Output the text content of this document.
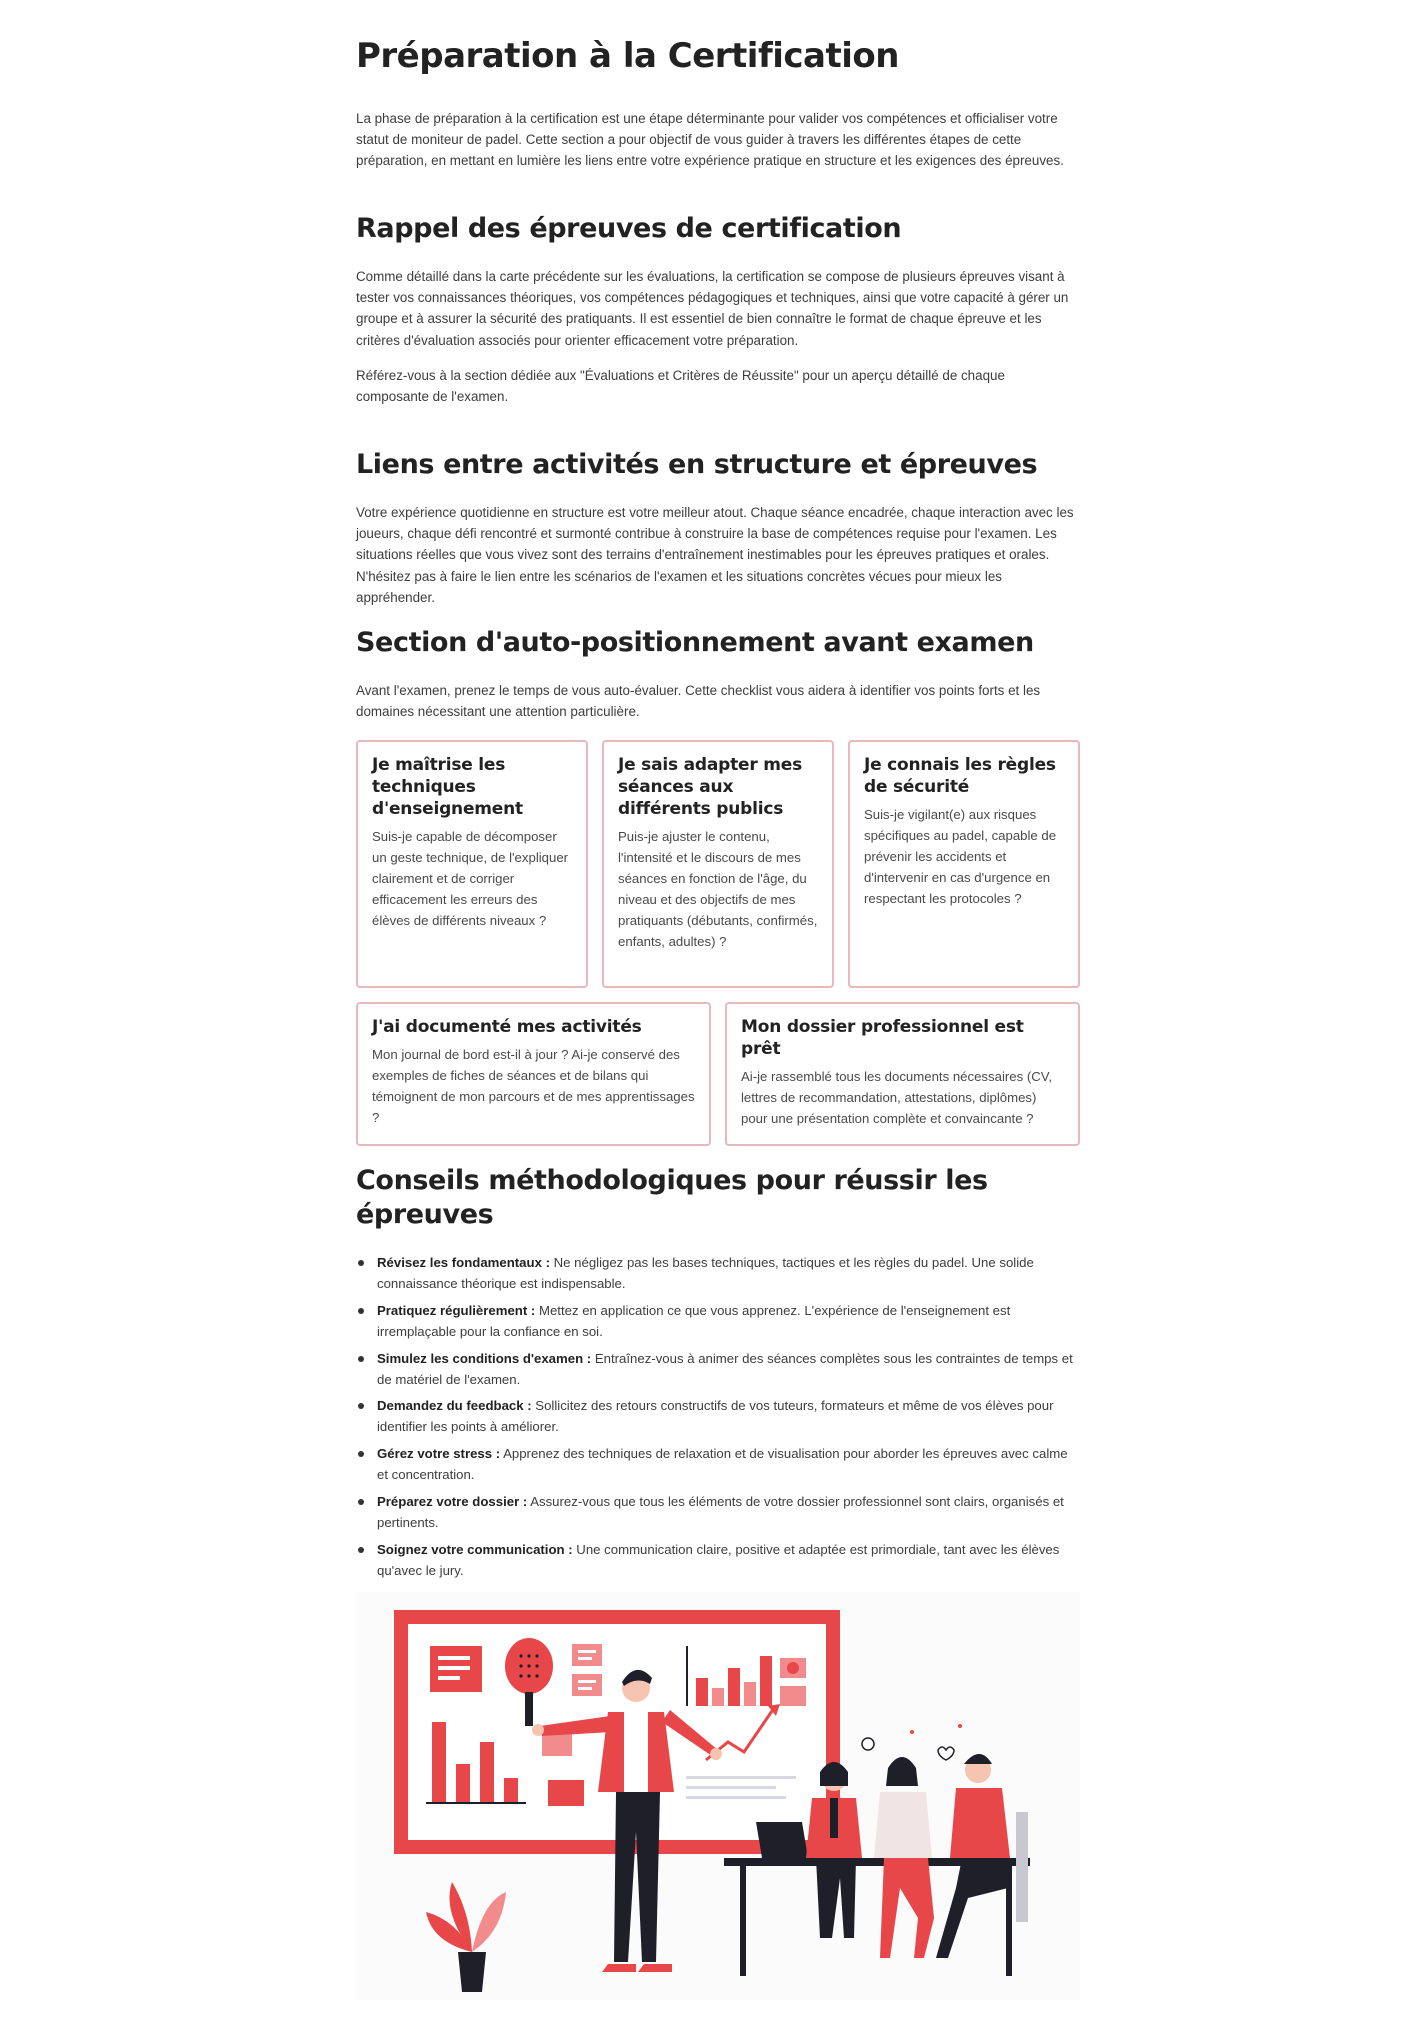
Préparation à la Certification

La phase de préparation à la certification est une étape déterminante pour valider vos compétences et officialiser votre statut de moniteur de padel. Cette section a pour objectif de vous guider à travers les différentes étapes de cette préparation, en mettant en lumière les liens entre votre expérience pratique en structure et les exigences des épreuves.

Rappel des épreuves de certification

Comme détaillé dans la carte précédente sur les évaluations, la certification se compose de plusieurs épreuves visant à tester vos connaissances théoriques, vos compétences pédagogiques et techniques, ainsi que votre capacité à gérer un groupe et à assurer la sécurité des pratiquants. Il est essentiel de bien connaître le format de chaque épreuve et les critères d'évaluation associés pour orienter efficacement votre préparation.

Référez-vous à la section dédiée aux "Évaluations et Critères de Réussite" pour un aperçu détaillé de chaque composante de l'examen.

Liens entre activités en structure et épreuves

Votre expérience quotidienne en structure est votre meilleur atout. Chaque séance encadrée, chaque interaction avec les joueurs, chaque défi rencontré et surmonté contribue à construire la base de compétences requise pour l'examen. Les situations réelles que vous vivez sont des terrains d'entraînement inestimables pour les épreuves pratiques et orales. N'hésitez pas à faire le lien entre les scénarios de l'examen et les situations concrètes vécues pour mieux les appréhender.

Section d'auto-positionnement avant examen

Avant l'examen, prenez le temps de vous auto-évaluer. Cette checklist vous aidera à identifier vos points forts et les domaines nécessitant une attention particulière.

Je maîtrise les techniques d'enseignement

Suis-je capable de décomposer un geste technique, de l'expliquer clairement et de corriger efficacement les erreurs des élèves de différents niveaux ?

Je sais adapter mes séances aux différents publics

Puis-je ajuster le contenu, l'intensité et le discours de mes séances en fonction de l'âge, du niveau et des objectifs de mes pratiquants (débutants, confirmés, enfants, adultes) ?

Je connais les règles de sécurité

Suis-je vigilant(e) aux risques spécifiques au padel, capable de prévenir les accidents et d'intervenir en cas d'urgence en respectant les protocoles ?

J'ai documenté mes activités

Mon journal de bord est-il à jour ? Ai-je conservé des exemples de fiches de séances et de bilans qui témoignent de mon parcours et de mes apprentissages ?

Mon dossier professionnel est prêt

Ai-je rassemblé tous les documents nécessaires (CV, lettres de recommandation, attestations, diplômes) pour une présentation complète et convaincante ?

Conseils méthodologiques pour réussir les épreuves
Révisez les fondamentaux : Ne négligez pas les bases techniques, tactiques et les règles du padel. Une solide connaissance théorique est indispensable.
Pratiquez régulièrement : Mettez en application ce que vous apprenez. L'expérience de l'enseignement est irremplaçable pour la confiance en soi.
Simulez les conditions d'examen : Entraînez-vous à animer des séances complètes sous les contraintes de temps et de matériel de l'examen.
Demandez du feedback : Sollicitez des retours constructifs de vos tuteurs, formateurs et même de vos élèves pour identifier les points à améliorer.
Gérez votre stress : Apprenez des techniques de relaxation et de visualisation pour aborder les épreuves avec calme et concentration.
Préparez votre dossier : Assurez-vous que tous les éléments de votre dossier professionnel sont clairs, organisés et pertinents.
Soignez votre communication : Une communication claire, positive et adaptée est primordiale, tant avec les élèves qu'avec le jury.
